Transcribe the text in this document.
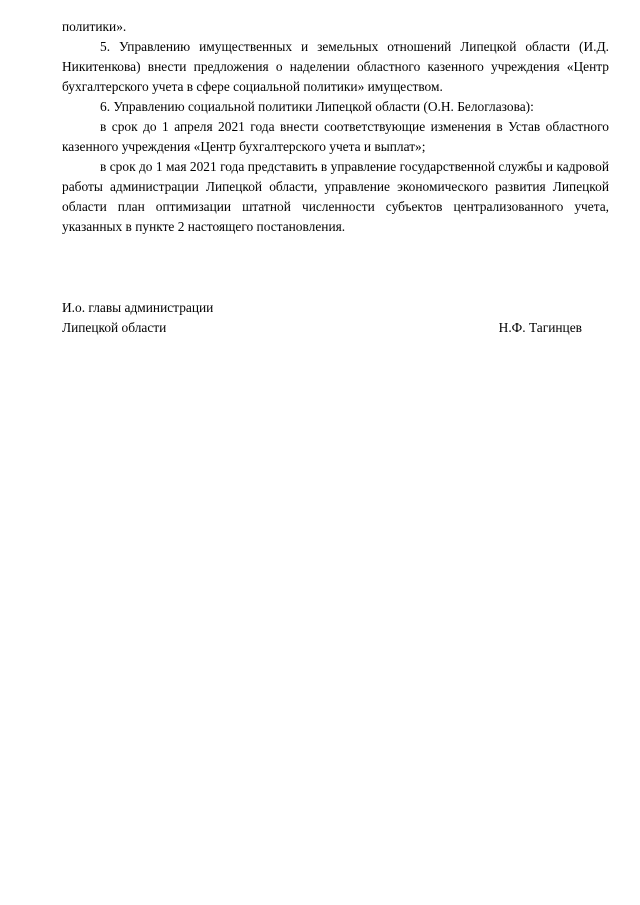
политики».

5. Управлению имущественных и земельных отношений Липецкой области (И.Д. Никитенкова) внести предложения о наделении областного казенного учреждения «Центр бухгалтерского учета в сфере социальной политики» имуществом.

6. Управлению социальной политики Липецкой области (О.Н. Белоглазова):

в срок до 1 апреля 2021 года внести соответствующие изменения в Устав областного казенного учреждения «Центр бухгалтерского учета и выплат»;

в срок до 1 мая 2021 года представить в управление государственной службы и кадровой работы администрации Липецкой области, управление экономического развития Липецкой области план оптимизации штатной численности субъектов централизованного учета, указанных в пункте 2 настоящего постановления.

И.о. главы администрации

Липецкой области	Н.Ф. Тагинцев
